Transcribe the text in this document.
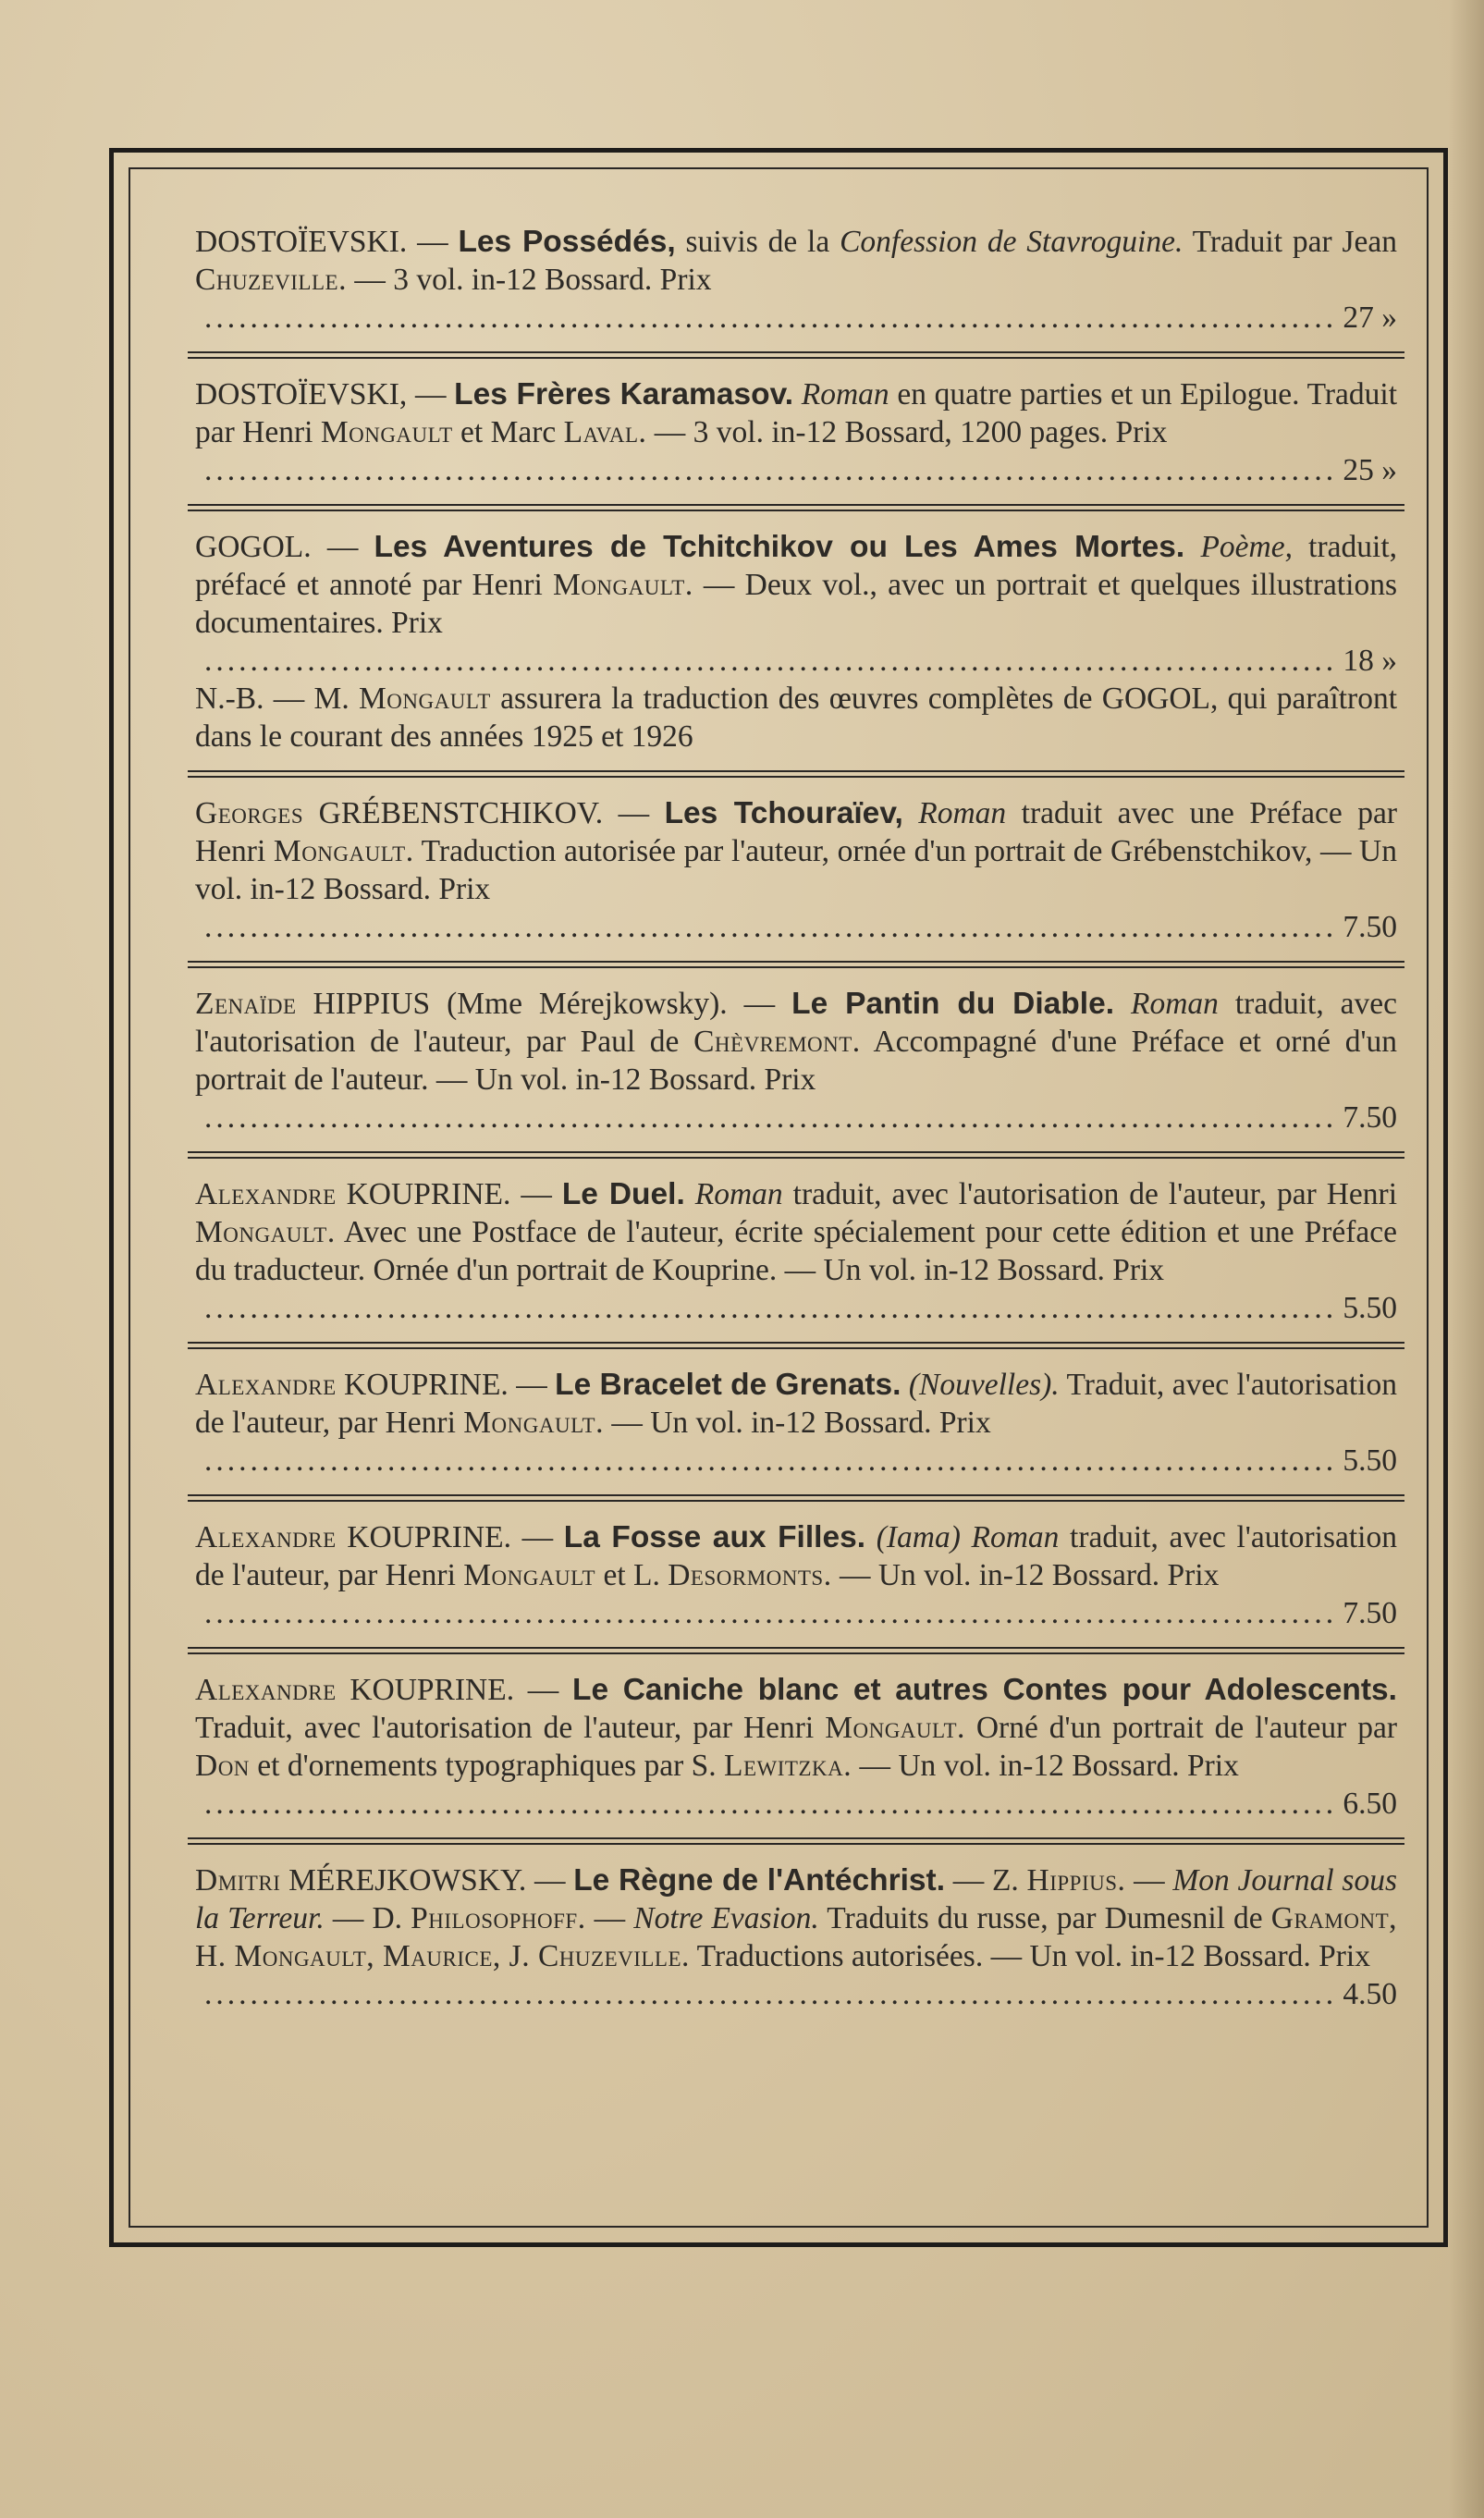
DOSTOÏEVSKI. — Les Possédés, suivis de la Confession de Stavroguine. Traduit par Jean Chuzeville. — 3 vol. in-12 Bossard. Prix

.....
27 »

DOSTOÏEVSKI, — Les Frères Karamasov. Roman en quatre parties et un Epilogue. Traduit par Henri Mongault et Marc Laval. — 3 vol. in-12 Bossard, 1200 pages. Prix

.....
25 »

GOGOL. — Les Aventures de Tchitchikov ou Les Ames Mortes. Poème, traduit, préfacé et annoté par Henri Mongault. — Deux vol., avec un portrait et quelques illustrations documentaires. Prix

.....
18 »

N.-B. — M. Mongault assurera la traduction des œuvres complètes de GOGOL, qui paraîtront dans le courant des années 1925 et 1926

Georges GRÉBENSTCHIKOV. — Les Tchouraïev, Roman traduit avec une Préface par Henri Mongault. Traduction autorisée par l'auteur, ornée d'un portrait de Grébenstchikov, — Un vol. in-12 Bossard. Prix

.....
7.50

Zenaïde HIPPIUS (Mme Mérejkowsky). — Le Pantin du Diable. Roman traduit, avec l'autorisation de l'auteur, par Paul de Chèvremont. Accompagné d'une Préface et orné d'un portrait de l'auteur. — Un vol. in-12 Bossard. Prix

.....
7.50

Alexandre KOUPRINE. — Le Duel. Roman traduit, avec l'autorisation de l'auteur, par Henri Mongault. Avec une Postface de l'auteur, écrite spécialement pour cette édition et une Préface du traducteur. Ornée d'un portrait de Kouprine. — Un vol. in-12 Bossard. Prix

.....
5.50

Alexandre KOUPRINE. — Le Bracelet de Grenats. (Nouvelles). Traduit, avec l'autorisation de l'auteur, par Henri Mongault. — Un vol. in-12 Bossard. Prix

.....
5.50

Alexandre KOUPRINE. — La Fosse aux Filles. (Iama) Roman traduit, avec l'autorisation de l'auteur, par Henri Mongault et L. Desormonts. — Un vol. in-12 Bossard. Prix

.....
7.50

Alexandre KOUPRINE. — Le Caniche blanc et autres Contes pour Adolescents. Traduit, avec l'autorisation de l'auteur, par Henri Mongault. Orné d'un portrait de l'auteur par Don et d'ornements typographiques par S. Lewitzka. — Un vol. in-12 Bossard. Prix

.....
6.50

Dmitri MÉREJKOWSKY. — Le Règne de l'Antéchrist. — Z. Hippius. — Mon Journal sous la Terreur. — D. Philosophoff. — Notre Evasion. Traduits du russe, par Dumesnil de Gramont, H. Mongault, Maurice, J. Chuzeville. Traductions autorisées. — Un vol. in-12 Bossard. Prix

.....
4.50
